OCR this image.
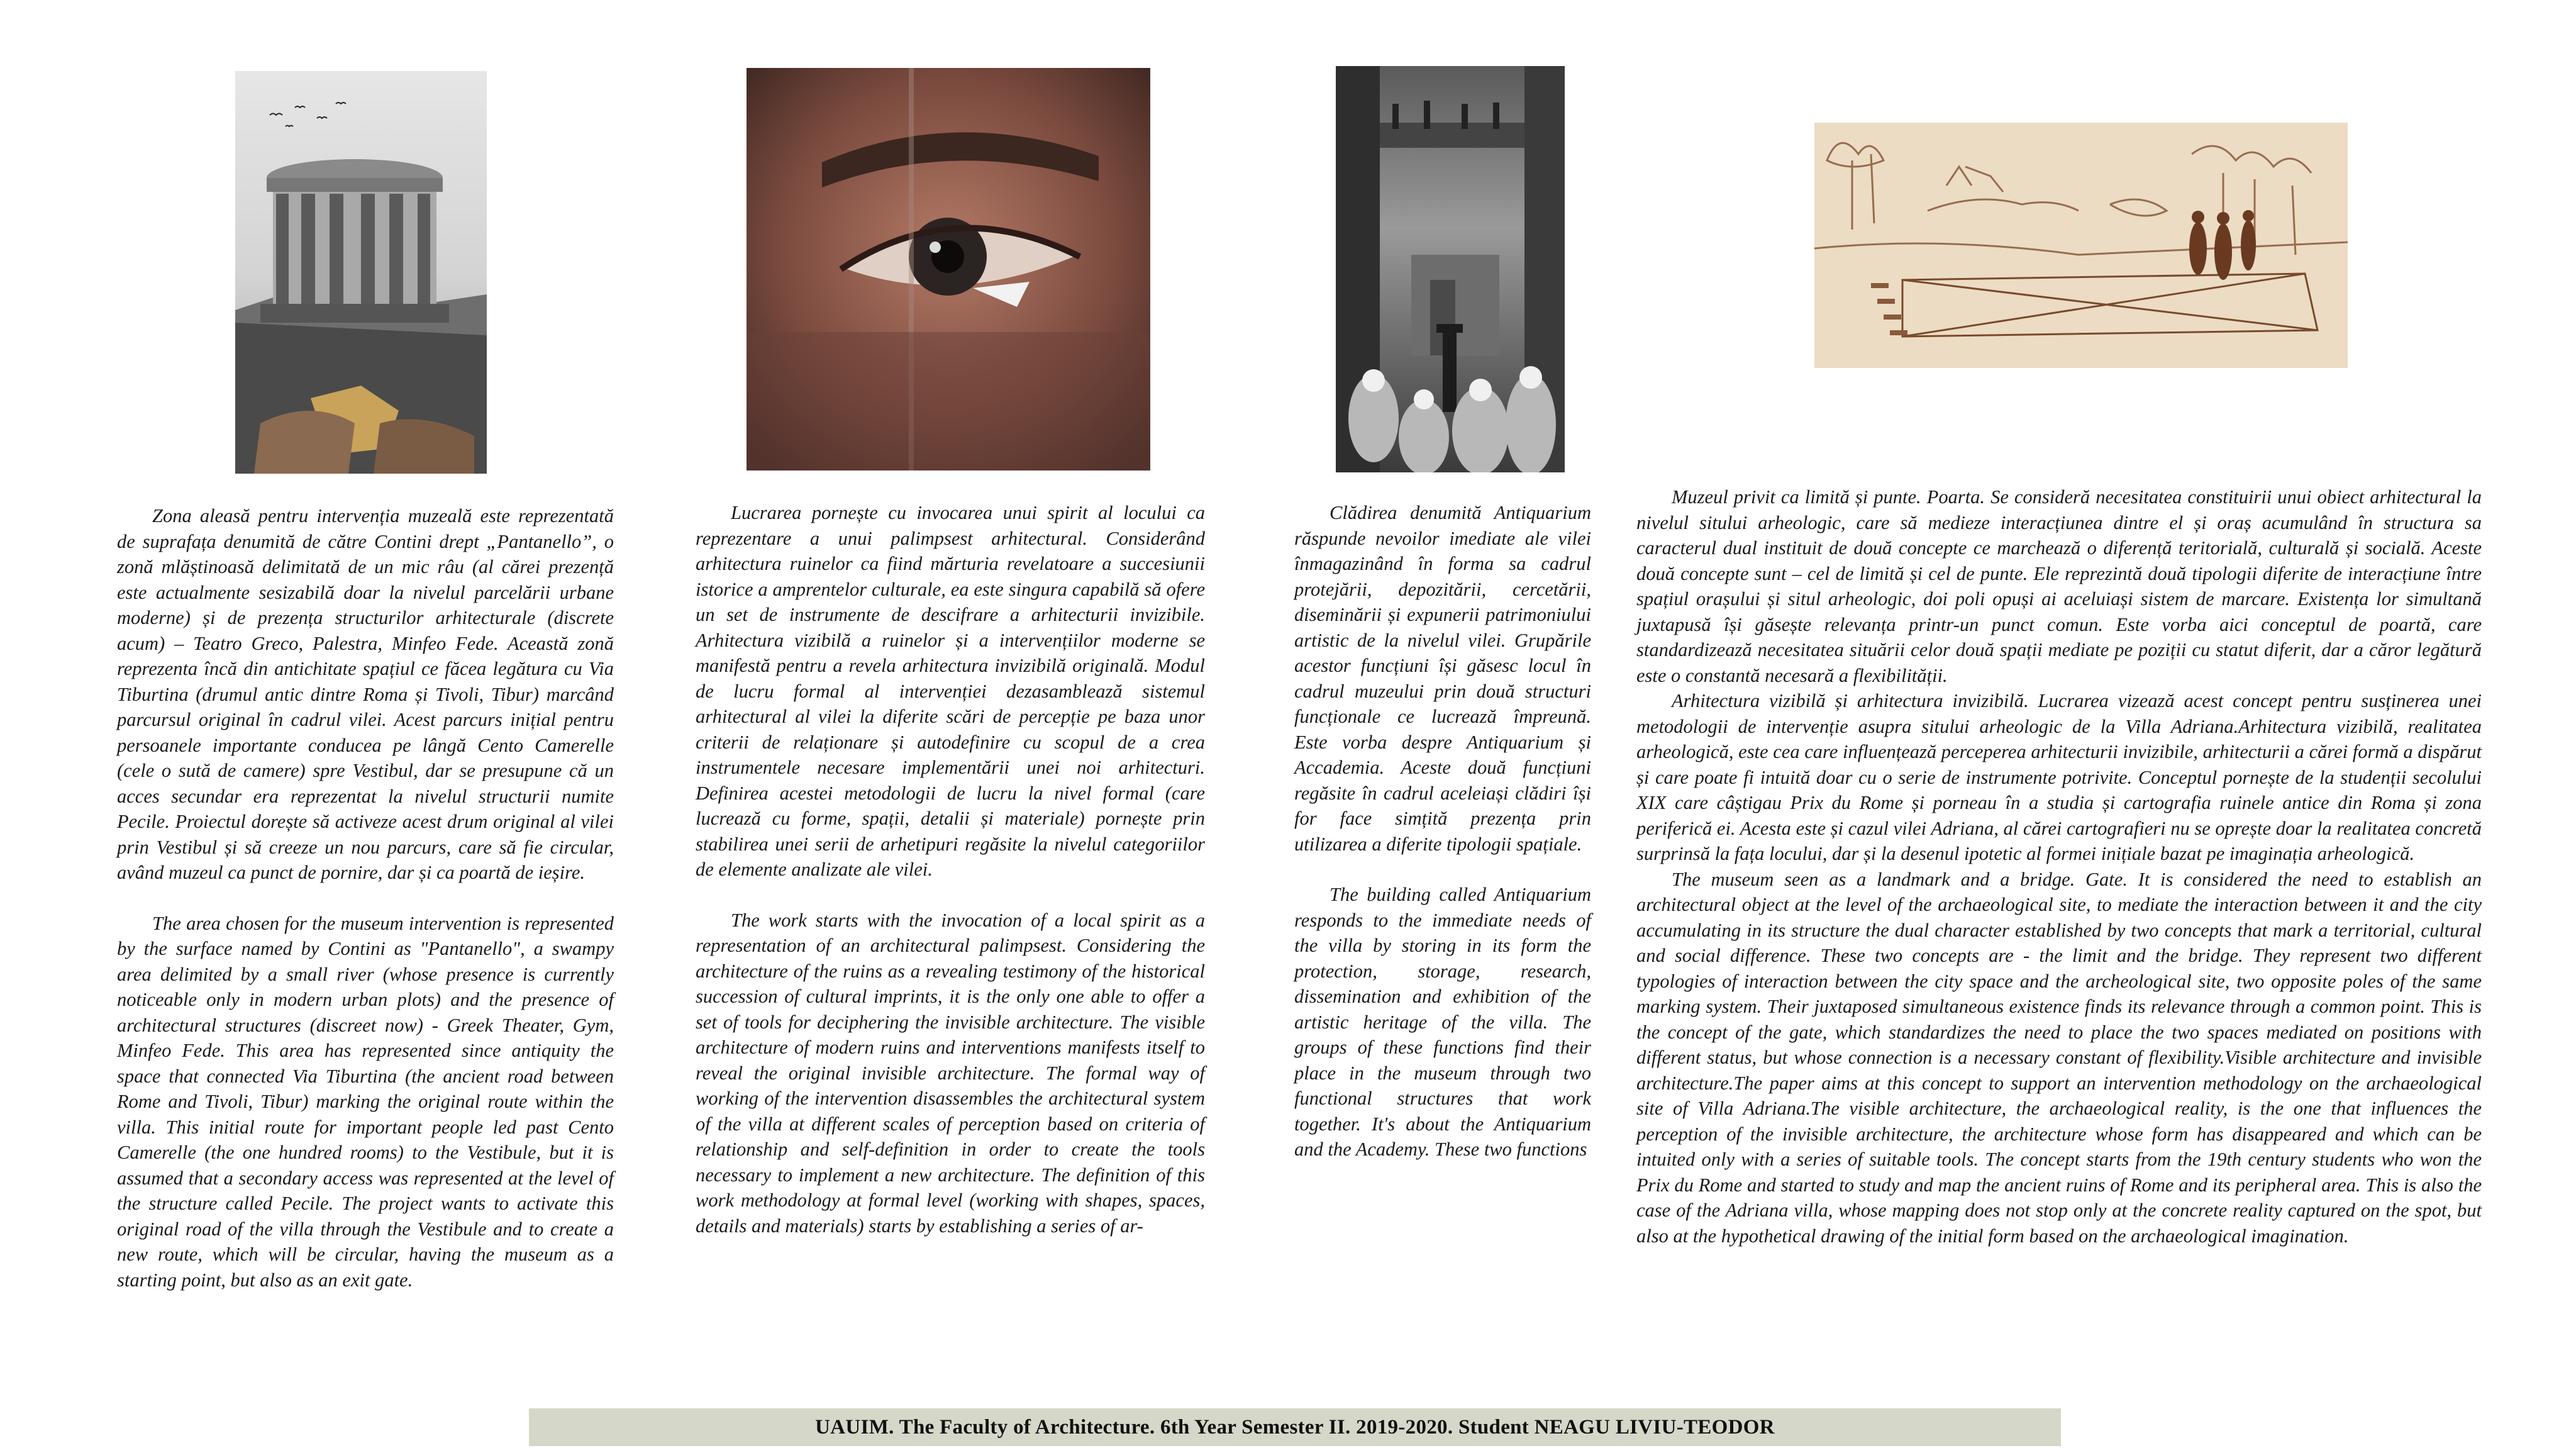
Zona aleasă pentru intervenția muzeală este reprezentată de suprafața denumită de către Contini drept „Pantanello”, o zonă mlăștinoasă delimitată de un mic râu (al cărei prezență este actualmente sesizabilă doar la nivelul parcelării urbane moderne) și de prezența structurilor arhitecturale (discrete acum) – Teatro Greco, Palestra, Minfeo Fede. Această zonă reprezenta încă din antichitate spațiul ce făcea legătura cu Via Tiburtina (drumul antic dintre Roma și Tivoli, Tibur) marcând parcursul original în cadrul vilei. Acest parcurs inițial pentru persoanele importante conducea pe lângă Cento Camerelle (cele o sută de camere) spre Vestibul, dar se presupune că un acces secundar era reprezentat la nivelul structurii numite Pecile. Proiectul dorește să activeze acest drum original al vilei prin Vestibul și să creeze un nou parcurs, care să fie circular, având muzeul ca punct de pornire, dar și ca poartă de ieșire.

The area chosen for the museum intervention is represented by the surface named by Contini as "Pantanello", a swampy area delimited by a small river (whose presence is currently noticeable only in modern urban plots) and the presence of architectural structures (discreet now) - Greek Theater, Gym, Minfeo Fede. This area has represented since antiquity the space that connected Via Tiburtina (the ancient road between Rome and Tivoli, Tibur) marking the original route within the villa. This initial route for important people led past Cento Camerelle (the one hundred rooms) to the Vestibule, but it is assumed that a secondary access was represented at the level of the structure called Pecile. The project wants to activate this original road of the villa through the Vestibule and to create a new route, which will be circular, having the museum as a starting point, but also as an exit gate.

Lucrarea pornește cu invocarea unui spirit al locului ca reprezentare a unui palimpsest arhitectural. Considerând arhitectura ruinelor ca fiind mărturia revelatoare a succesiunii istorice a amprentelor culturale, ea este singura capabilă să ofere un set de instrumente de descifrare a arhitecturii invizibile. Arhitectura vizibilă a ruinelor și a intervențiilor moderne se manifestă pentru a revela arhitectura invizibilă originală. Modul de lucru formal al intervenției dezasamblează sistemul arhitectural al vilei la diferite scări de percepție pe baza unor criterii de relaționare și autodefinire cu scopul de a crea instrumentele necesare implementării unei noi arhitecturi. Definirea acestei metodologii de lucru la nivel formal (care lucrează cu forme, spații, detalii și materiale) pornește prin stabilirea unei serii de arhetipuri regăsite la nivelul categoriilor de elemente analizate ale vilei.

The work starts with the invocation of a local spirit as a representation of an architectural palimpsest. Considering the architecture of the ruins as a revealing testimony of the historical succession of cultural imprints, it is the only one able to offer a set of tools for deciphering the invisible architecture. The visible architecture of modern ruins and interventions manifests itself to reveal the original invisible architecture. The formal way of working of the intervention disassembles the architectural system of the villa at different scales of perception based on criteria of relationship and self-definition in order to create the tools necessary to implement a new architecture. The definition of this work methodology at formal level (working with shapes, spaces, details and materials) starts by establishing a series of ar-

Clădirea denumită Antiquarium răspunde nevoilor imediate ale vilei înmagazinând în forma sa cadrul protejării, depozitării, cercetării, diseminării și expunerii patrimoniului artistic de la nivelul vilei. Grupările acestor funcțiuni își găsesc locul în cadrul muzeului prin două structuri funcționale ce lucrează împreună. Este vorba despre Antiquarium și Accademia. Aceste două funcțiuni regăsite în cadrul aceleiași clădiri își for face simțită prezența prin utilizarea a diferite tipologii spațiale.

The building called Antiquarium responds to the immediate needs of the villa by storing in its form the protection, storage, research, dissemination and exhibition of the artistic heritage of the villa. The groups of these functions find their place in the museum through two functional structures that work together. It's about the Antiquarium and the Academy. These two functions

Muzeul privit ca limită și punte. Poarta. Se consideră necesitatea constituirii unui obiect arhitectural la nivelul sitului arheologic, care să medieze interacțiunea dintre el și oraș acumulând în structura sa caracterul dual instituit de două concepte ce marchează o diferență teritorială, culturală și socială. Aceste două concepte sunt – cel de limită și cel de punte. Ele reprezintă două tipologii diferite de interacțiune între spațiul orașului și situl arheologic, doi poli opuși ai aceluiași sistem de marcare. Existența lor simultană juxtapusă își găsește relevanța printr-un punct comun. Este vorba aici conceptul de poartă, care standardizează necesitatea situării celor două spații mediate pe poziții cu statut diferit, dar a căror legătură este o constantă necesară a flexibilității.

Arhitectura vizibilă și arhitectura invizibilă. Lucrarea vizează acest concept pentru susținerea unei metodologii de intervenție asupra sitului arheologic de la Villa Adriana.Arhitectura vizibilă, realitatea arheologică, este cea care influențează perceperea arhitecturii invizibile, arhitecturii a cărei formă a dispărut și care poate fi intuită doar cu o serie de instrumente potrivite. Conceptul pornește de la studenții secolului XIX care câștigau Prix du Rome și porneau în a studia și cartografia ruinele antice din Roma și zona periferică ei. Acesta este și cazul vilei Adriana, al cărei cartografieri nu se oprește doar la realitatea concretă surprinsă la fața locului, dar și la desenul ipotetic al formei inițiale bazat pe imaginația arheologică.

The museum seen as a landmark and a bridge. Gate. It is considered the need to establish an architectural object at the level of the archaeological site, to mediate the interaction between it and the city accumulating in its structure the dual character established by two concepts that mark a territorial, cultural and social difference. These two concepts are - the limit and the bridge. They represent two different typologies of interaction between the city space and the archeological site, two opposite poles of the same marking system. Their juxtaposed simultaneous existence finds its relevance through a common point. This is the concept of the gate, which standardizes the need to place the two spaces mediated on positions with different status, but whose connection is a necessary constant of flexibility.Visible architecture and invisible architecture.The paper aims at this concept to support an intervention methodology on the archaeological site of Villa Adriana.The visible architecture, the archaeological reality, is the one that influences the perception of the invisible architecture, the architecture whose form has disappeared and which can be intuited only with a series of suitable tools. The concept starts from the 19th century students who won the Prix du Rome and started to study and map the ancient ruins of Rome and its peripheral area. This is also the case of the Adriana villa, whose mapping does not stop only at the concrete reality captured on the spot, but also at the hypothetical drawing of the initial form based on the archaeological imagination.

UAUIM. The Faculty of Architecture. 6th Year Semester II. 2019-2020. Student NEAGU LIVIU-TEODOR
